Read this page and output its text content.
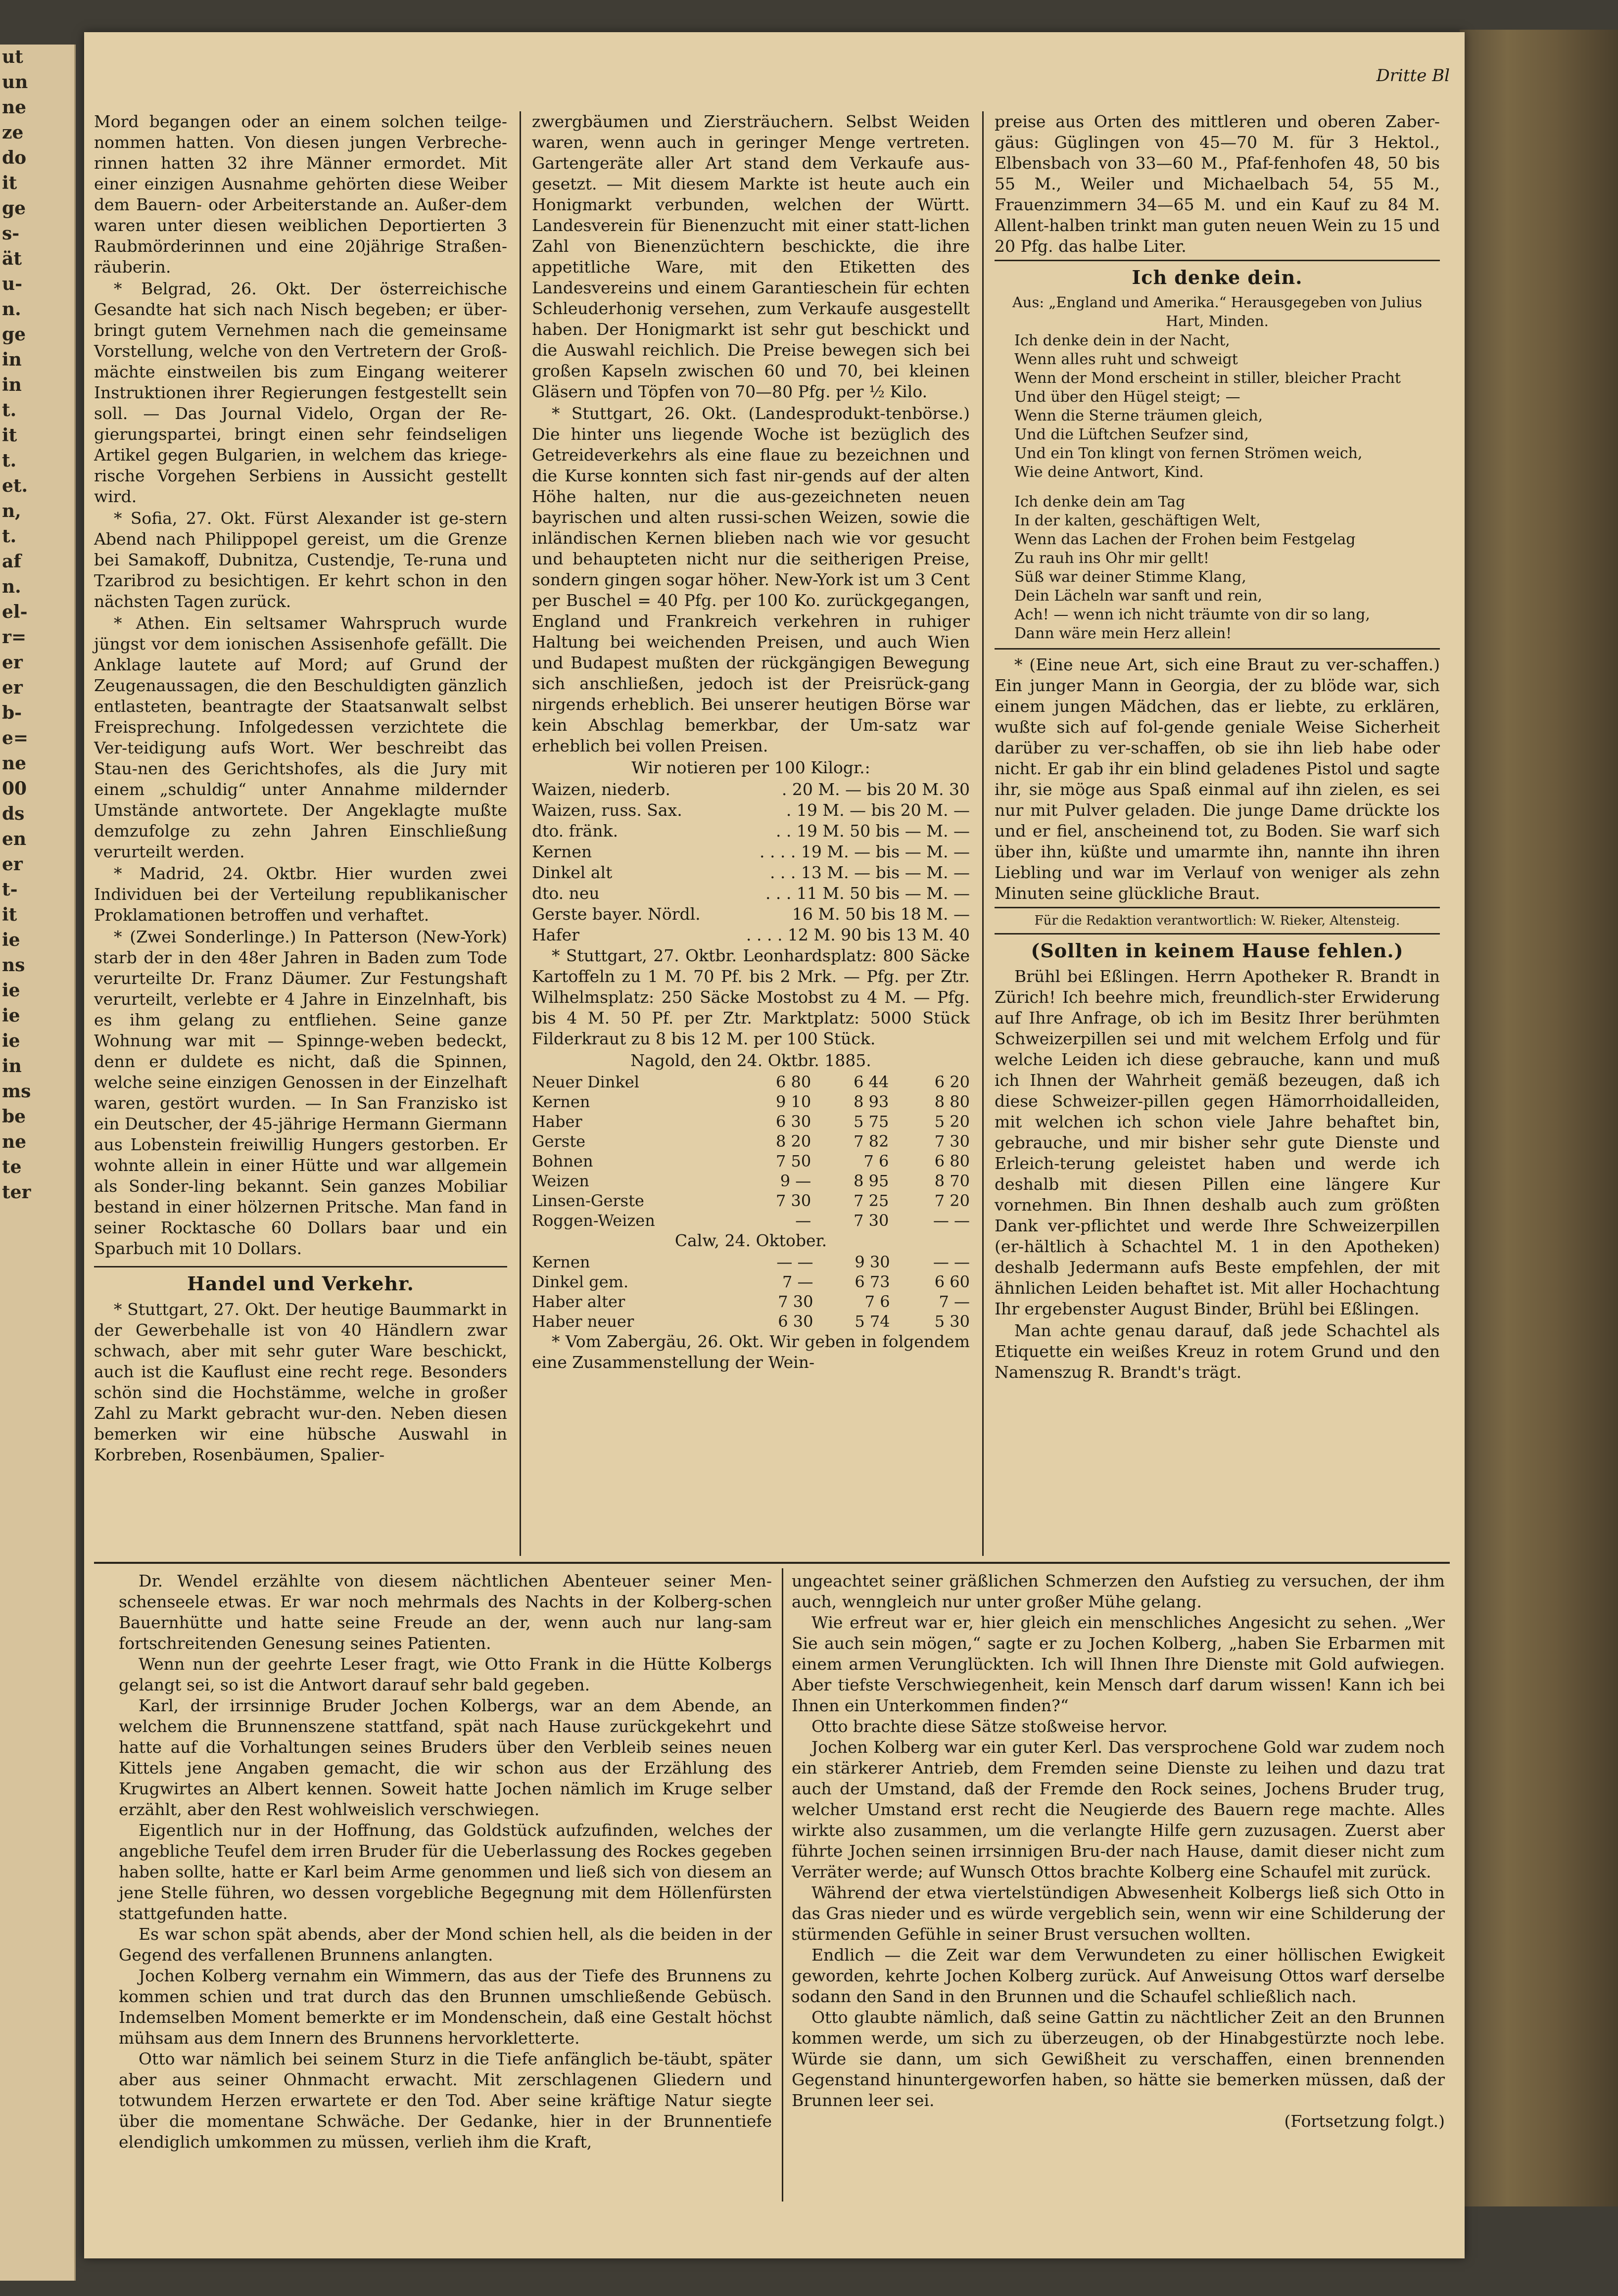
ut
un
ne
ze
do
it
ge
s-
ät
u-
n.
ge
in
in
t.
it
t.
et.
n,
t.
af
n.
el-
r=
er
er
b-
e=
ne
00
ds
en
er
t-
it
ie
ns
ie
ie
ie
in
ms
be
ne
te
ter
Dritte Bl

Mord begangen oder an einem solchen teilge-nommen hatten. Von diesen jungen Verbreche-rinnen hatten 32 ihre Männer ermordet. Mit einer einzigen Ausnahme gehörten diese Weiber dem Bauern- oder Arbeiterstande an. Außer-dem waren unter diesen weiblichen Deportierten 3 Raubmörderinnen und eine 20jährige Straßen-räuberin.

* Belgrad, 26. Okt. Der österreichische Gesandte hat sich nach Nisch begeben; er über-bringt gutem Vernehmen nach die gemeinsame Vorstellung, welche von den Vertretern der Groß-mächte einstweilen bis zum Eingang weiterer Instruktionen ihrer Regierungen festgestellt sein soll. — Das Journal Videlo, Organ der Re-gierungspartei, bringt einen sehr feindseligen Artikel gegen Bulgarien, in welchem das kriege-rische Vorgehen Serbiens in Aussicht gestellt wird.

* Sofia, 27. Okt. Fürst Alexander ist ge-stern Abend nach Philippopel gereist, um die Grenze bei Samakoff, Dubnitza, Custendje, Te-runa und Tzaribrod zu besichtigen. Er kehrt schon in den nächsten Tagen zurück.

* Athen. Ein seltsamer Wahrspruch wurde jüngst vor dem ionischen Assisenhofe gefällt. Die Anklage lautete auf Mord; auf Grund der Zeugenaussagen, die den Beschuldigten gänzlich entlasteten, beantragte der Staatsanwalt selbst Freisprechung. Infolgedessen verzichtete die Ver-teidigung aufs Wort. Wer beschreibt das Stau-nen des Gerichtshofes, als die Jury mit einem „schuldig“ unter Annahme mildernder Umstände antwortete. Der Angeklagte mußte demzufolge zu zehn Jahren Einschließung verurteilt werden.

* Madrid, 24. Oktbr. Hier wurden zwei Individuen bei der Verteilung republikanischer Proklamationen betroffen und verhaftet.

* (Zwei Sonderlinge.) In Patterson (New-York) starb der in den 48er Jahren in Baden zum Tode verurteilte Dr. Franz Däumer. Zur Festungshaft verurteilt, verlebte er 4 Jahre in Einzelnhaft, bis es ihm gelang zu entfliehen. Seine ganze Wohnung war mit — Spinnge-weben bedeckt, denn er duldete es nicht, daß die Spinnen, welche seine einzigen Genossen in der Einzelhaft waren, gestört wurden. — In San Franzisko ist ein Deutscher, der 45-jährige Hermann Giermann aus Lobenstein freiwillig Hungers gestorben. Er wohnte allein in einer Hütte und war allgemein als Sonder-ling bekannt. Sein ganzes Mobiliar bestand in einer hölzernen Pritsche. Man fand in seiner Rocktasche 60 Dollars baar und ein Sparbuch mit 10 Dollars.

Handel und Verkehr.

* Stuttgart, 27. Okt. Der heutige Baummarkt in der Gewerbehalle ist von 40 Händlern zwar schwach, aber mit sehr guter Ware beschickt, auch ist die Kauflust eine recht rege. Besonders schön sind die Hochstämme, welche in großer Zahl zu Markt gebracht wur-den. Neben diesen bemerken wir eine hübsche Auswahl in Korbreben, Rosenbäumen, Spalier-

zwergbäumen und Ziersträuchern. Selbst Weiden waren, wenn auch in geringer Menge vertreten. Gartengeräte aller Art stand dem Verkaufe aus-gesetzt. — Mit diesem Markte ist heute auch ein Honigmarkt verbunden, welchen der Württ. Landesverein für Bienenzucht mit einer statt-lichen Zahl von Bienenzüchtern beschickte, die ihre appetitliche Ware, mit den Etiketten des Landesvereins und einem Garantieschein für echten Schleuderhonig versehen, zum Verkaufe ausgestellt haben. Der Honigmarkt ist sehr gut beschickt und die Auswahl reichlich. Die Preise bewegen sich bei großen Kapseln zwischen 60 und 70, bei kleinen Gläsern und Töpfen von 70—80 Pfg. per ½ Kilo.

* Stuttgart, 26. Okt. (Landesprodukt-tenbörse.) Die hinter uns liegende Woche ist bezüglich des Getreideverkehrs als eine flaue zu bezeichnen und die Kurse konnten sich fast nir-gends auf der alten Höhe halten, nur die aus-gezeichneten neuen bayrischen und alten russi-schen Weizen, sowie die inländischen Kernen blieben nach wie vor gesucht und behaupteten nicht nur die seitherigen Preise, sondern gingen sogar höher. New-York ist um 3 Cent per Buschel = 40 Pfg. per 100 Ko. zurückgegangen, England und Frankreich verkehren in ruhiger Haltung bei weichenden Preisen, und auch Wien und Budapest mußten der rückgängigen Bewegung sich anschließen, jedoch ist der Preisrück-gang nirgends erheblich. Bei unserer heutigen Börse war kein Abschlag bemerkbar, der Um-satz war erheblich bei vollen Preisen.

Wir notieren per 100 Kilogr.:

Waizen, niederb.	. 20 M. — bis 20 M. 30
Waizen, russ. Sax.	. 19 M. — bis 20 M. —
dto. fränk.	. . 19 M. 50 bis — M. —
Kernen	. . . . 19 M. — bis — M. —
Dinkel alt	. . . 13 M. — bis — M. —
dto. neu	. . . 11 M. 50 bis — M. —
Gerste bayer. Nördl.	16 M. 50 bis 18 M. —
Hafer	. . . . 12 M. 90 bis 13 M. 40

* Stuttgart, 27. Oktbr. Leonhardsplatz: 800 Säcke Kartoffeln zu 1 M. 70 Pf. bis 2 Mrk. — Pfg. per Ztr. Wilhelmsplatz: 250 Säcke Mostobst zu 4 M. — Pfg. bis 4 M. 50 Pf. per Ztr. Marktplatz: 5000 Stück Filderkraut zu 8 bis 12 M. per 100 Stück.

Nagold, den 24. Oktbr. 1885.

Neuer Dinkel	6 80	6 44	6 20
Kernen	9 10	8 93	8 80
Haber	6 30	5 75	5 20
Gerste	8 20	7 82	7 30
Bohnen	7 50	7 6	6 80
Weizen	9 —	8 95	8 70
Linsen-Gerste	7 30	7 25	7 20
Roggen-Weizen	—	7 30	— —

Calw, 24. Oktober.

Kernen	— —	9 30	— —
Dinkel gem.	7 —	6 73	6 60
Haber alter	7 30	7 6	7 —
Haber neuer	6 30	5 74	5 30

* Vom Zabergäu, 26. Okt. Wir geben in folgendem eine Zusammenstellung der Wein-

preise aus Orten des mittleren und oberen Zaber-gäus: Güglingen von 45—70 M. für 3 Hektol., Elbensbach von 33—60 M., Pfaf-fenhofen 48, 50 bis 55 M., Weiler und Michaelbach 54, 55 M., Frauenzimmern 34—65 M. und ein Kauf zu 84 M. Allent-halben trinkt man guten neuen Wein zu 15 und 20 Pfg. das halbe Liter.

Ich denke dein.

Aus: „England und Amerika.“ Herausgegeben von Julius Hart, Minden.

Ich denke dein in der Nacht,
Wenn alles ruht und schweigt
Wenn der Mond erscheint in stiller, bleicher Pracht
Und über den Hügel steigt; —
Wenn die Sterne träumen gleich,
Und die Lüftchen Seufzer sind,
Und ein Ton klingt von fernen Strömen weich,
Wie deine Antwort, Kind.
Ich denke dein am Tag
In der kalten, geschäftigen Welt,
Wenn das Lachen der Frohen beim Festgelag
Zu rauh ins Ohr mir gellt!
Süß war deiner Stimme Klang,
Dein Lächeln war sanft und rein,
Ach! — wenn ich nicht träumte von dir so lang,
Dann wäre mein Herz allein!

* (Eine neue Art, sich eine Braut zu ver-schaffen.) Ein junger Mann in Georgia, der zu blöde war, sich einem jungen Mädchen, das er liebte, zu erklären, wußte sich auf fol-gende geniale Weise Sicherheit darüber zu ver-schaffen, ob sie ihn lieb habe oder nicht. Er gab ihr ein blind geladenes Pistol und sagte ihr, sie möge aus Spaß einmal auf ihn zielen, es sei nur mit Pulver geladen. Die junge Dame drückte los und er fiel, anscheinend tot, zu Boden. Sie warf sich über ihn, küßte und umarmte ihn, nannte ihn ihren Liebling und war im Verlauf von weniger als zehn Minuten seine glückliche Braut.

Für die Redaktion verantwortlich: W. Rieker, Altensteig.
(Sollten in keinem Hause fehlen.)

Brühl bei Eßlingen. Herrn Apotheker R. Brandt in Zürich! Ich beehre mich, freundlich-ster Erwiderung auf Ihre Anfrage, ob ich im Besitz Ihrer berühmten Schweizerpillen sei und mit welchem Erfolg und für welche Leiden ich diese gebrauche, kann und muß ich Ihnen der Wahrheit gemäß bezeugen, daß ich diese Schweizer-pillen gegen Hämorrhoidalleiden, mit welchen ich schon viele Jahre behaftet bin, gebrauche, und mir bisher sehr gute Dienste und Erleich-terung geleistet haben und werde ich deshalb mit diesen Pillen eine längere Kur vornehmen. Bin Ihnen deshalb auch zum größten Dank ver-pflichtet und werde Ihre Schweizerpillen (er-hältlich à Schachtel M. 1 in den Apotheken) deshalb Jedermann aufs Beste empfehlen, der mit ähnlichen Leiden behaftet ist. Mit aller Hochachtung Ihr ergebenster August Binder, Brühl bei Eßlingen.

Man achte genau darauf, daß jede Schachtel als Etiquette ein weißes Kreuz in rotem Grund und den Namenszug R. Brandt's trägt.

Dr. Wendel erzählte von diesem nächtlichen Abenteuer seiner Men-schenseele etwas. Er war noch mehrmals des Nachts in der Kolberg-schen Bauernhütte und hatte seine Freude an der, wenn auch nur lang-sam fortschreitenden Genesung seines Patienten.

Wenn nun der geehrte Leser fragt, wie Otto Frank in die Hütte Kolbergs gelangt sei, so ist die Antwort darauf sehr bald gegeben.

Karl, der irrsinnige Bruder Jochen Kolbergs, war an dem Abende, an welchem die Brunnenszene stattfand, spät nach Hause zurückgekehrt und hatte auf die Vorhaltungen seines Bruders über den Verbleib seines neuen Kittels jene Angaben gemacht, die wir schon aus der Erzählung des Krugwirtes an Albert kennen. Soweit hatte Jochen nämlich im Kruge selber erzählt, aber den Rest wohlweislich verschwiegen.

Eigentlich nur in der Hoffnung, das Goldstück aufzufinden, welches der angebliche Teufel dem irren Bruder für die Ueberlassung des Rockes gegeben haben sollte, hatte er Karl beim Arme genommen und ließ sich von diesem an jene Stelle führen, wo dessen vorgebliche Begegnung mit dem Höllenfürsten stattgefunden hatte.

Es war schon spät abends, aber der Mond schien hell, als die beiden in der Gegend des verfallenen Brunnens anlangten.

Jochen Kolberg vernahm ein Wimmern, das aus der Tiefe des Brunnens zu kommen schien und trat durch das den Brunnen umschließende Gebüsch. Indemselben Moment bemerkte er im Mondenschein, daß eine Gestalt höchst mühsam aus dem Innern des Brunnens hervorkletterte.

Otto war nämlich bei seinem Sturz in die Tiefe anfänglich be-täubt, später aber aus seiner Ohnmacht erwacht. Mit zerschlagenen Gliedern und totwundem Herzen erwartete er den Tod. Aber seine kräftige Natur siegte über die momentane Schwäche. Der Gedanke, hier in der Brunnentiefe elendiglich umkommen zu müssen, verlieh ihm die Kraft,

ungeachtet seiner gräßlichen Schmerzen den Aufstieg zu versuchen, der ihm auch, wenngleich nur unter großer Mühe gelang.

Wie erfreut war er, hier gleich ein menschliches Angesicht zu sehen. „Wer Sie auch sein mögen,“ sagte er zu Jochen Kolberg, „haben Sie Erbarmen mit einem armen Verunglückten. Ich will Ihnen Ihre Dienste mit Gold aufwiegen. Aber tiefste Verschwiegenheit, kein Mensch darf darum wissen! Kann ich bei Ihnen ein Unterkommen finden?“

Otto brachte diese Sätze stoßweise hervor.

Jochen Kolberg war ein guter Kerl. Das versprochene Gold war zudem noch ein stärkerer Antrieb, dem Fremden seine Dienste zu leihen und dazu trat auch der Umstand, daß der Fremde den Rock seines, Jochens Bruder trug, welcher Umstand erst recht die Neugierde des Bauern rege machte. Alles wirkte also zusammen, um die verlangte Hilfe gern zuzusagen. Zuerst aber führte Jochen seinen irrsinnigen Bru-der nach Hause, damit dieser nicht zum Verräter werde; auf Wunsch Ottos brachte Kolberg eine Schaufel mit zurück.

Während der etwa viertelstündigen Abwesenheit Kolbergs ließ sich Otto in das Gras nieder und es würde vergeblich sein, wenn wir eine Schilderung der stürmenden Gefühle in seiner Brust versuchen wollten.

Endlich — die Zeit war dem Verwundeten zu einer höllischen Ewigkeit geworden, kehrte Jochen Kolberg zurück. Auf Anweisung Ottos warf derselbe sodann den Sand in den Brunnen und die Schaufel schließlich nach.

Otto glaubte nämlich, daß seine Gattin zu nächtlicher Zeit an den Brunnen kommen werde, um sich zu überzeugen, ob der Hinabgestürzte noch lebe. Würde sie dann, um sich Gewißheit zu verschaffen, einen brennenden Gegenstand hinuntergeworfen haben, so hätte sie bemerken müssen, daß der Brunnen leer sei.

(Fortsetzung folgt.)
